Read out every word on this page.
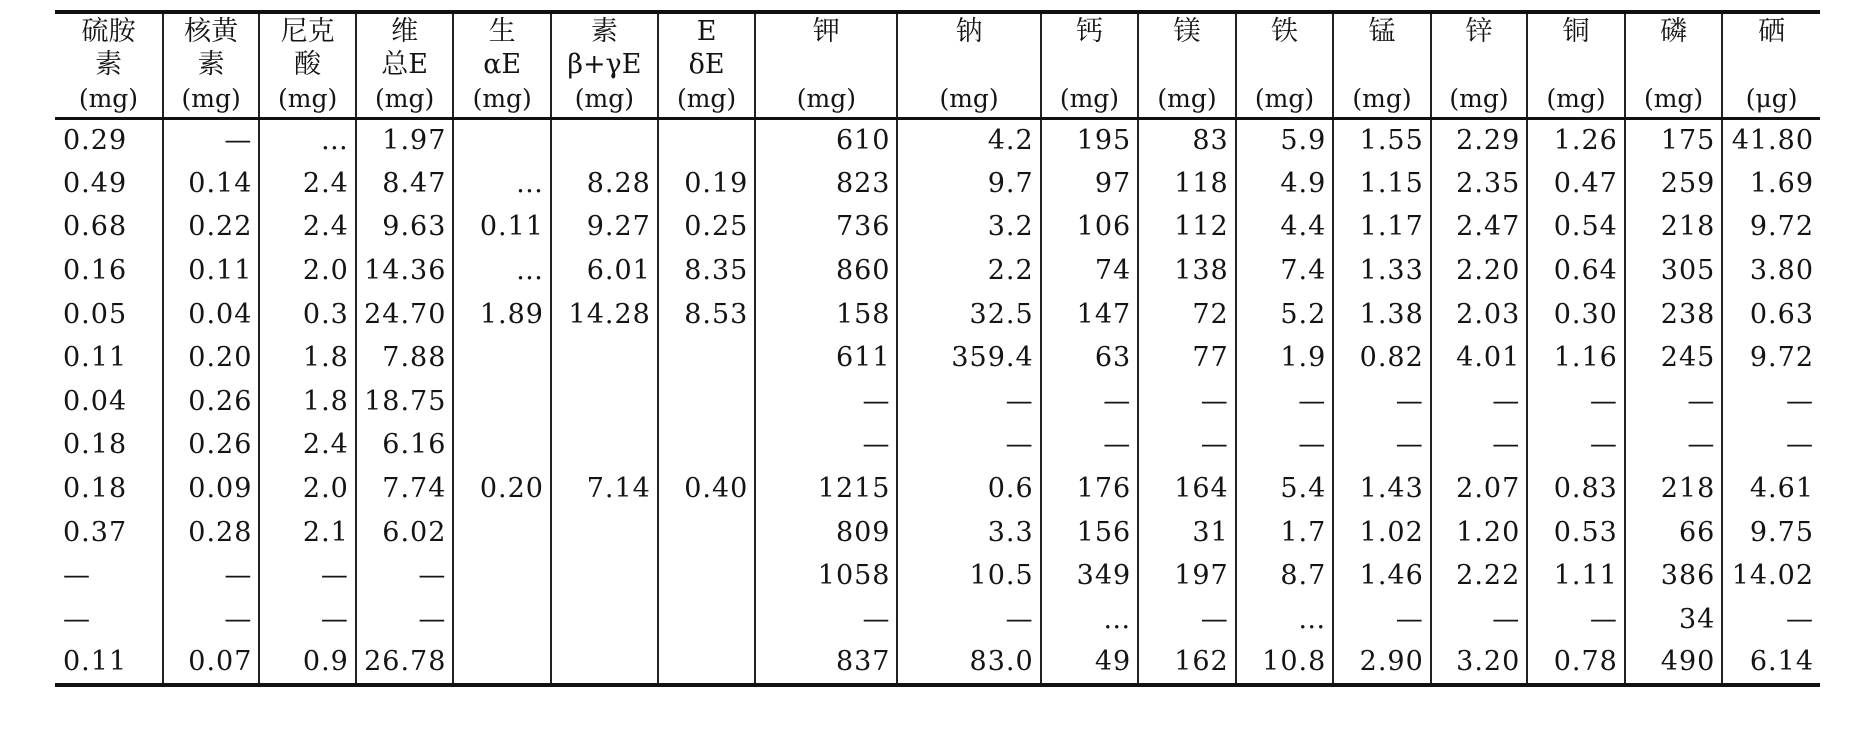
硫胺	核黄	尼克	维	生	素	E	钾	钠	钙	镁	铁	锰	锌	铜	磷	硒
素	素	酸	总E	αE	β+γE	δE										
(mg)	(mg)	(mg)	(mg)	(mg)	(mg)	(mg)	(mg)	(mg)	(mg)	(mg)	(mg)	(mg)	(mg)	(mg)	(mg)	(μg)
0.29	—	…	1.97				610	4.2	195	83	5.9	1.55	2.29	1.26	175	41.80
0.49	0.14	2.4	8.47	…	8.28	0.19	823	9.7	97	118	4.9	1.15	2.35	0.47	259	1.69
0.68	0.22	2.4	9.63	0.11	9.27	0.25	736	3.2	106	112	4.4	1.17	2.47	0.54	218	9.72
0.16	0.11	2.0	14.36	…	6.01	8.35	860	2.2	74	138	7.4	1.33	2.20	0.64	305	3.80
0.05	0.04	0.3	24.70	1.89	14.28	8.53	158	32.5	147	72	5.2	1.38	2.03	0.30	238	0.63
0.11	0.20	1.8	7.88				611	359.4	63	77	1.9	0.82	4.01	1.16	245	9.72
0.04	0.26	1.8	18.75				—	—	—	—	—	—	—	—	—	—
0.18	0.26	2.4	6.16				—	—	—	—	—	—	—	—	—	—
0.18	0.09	2.0	7.74	0.20	7.14	0.40	1215	0.6	176	164	5.4	1.43	2.07	0.83	218	4.61
0.37	0.28	2.1	6.02				809	3.3	156	31	1.7	1.02	1.20	0.53	66	9.75
—	—	—	—				1058	10.5	349	197	8.7	1.46	2.22	1.11	386	14.02
—	—	—	—				—	—	…	—	…	—	—	—	34	—
0.11	0.07	0.9	26.78				837	83.0	49	162	10.8	2.90	3.20	0.78	490	6.14
